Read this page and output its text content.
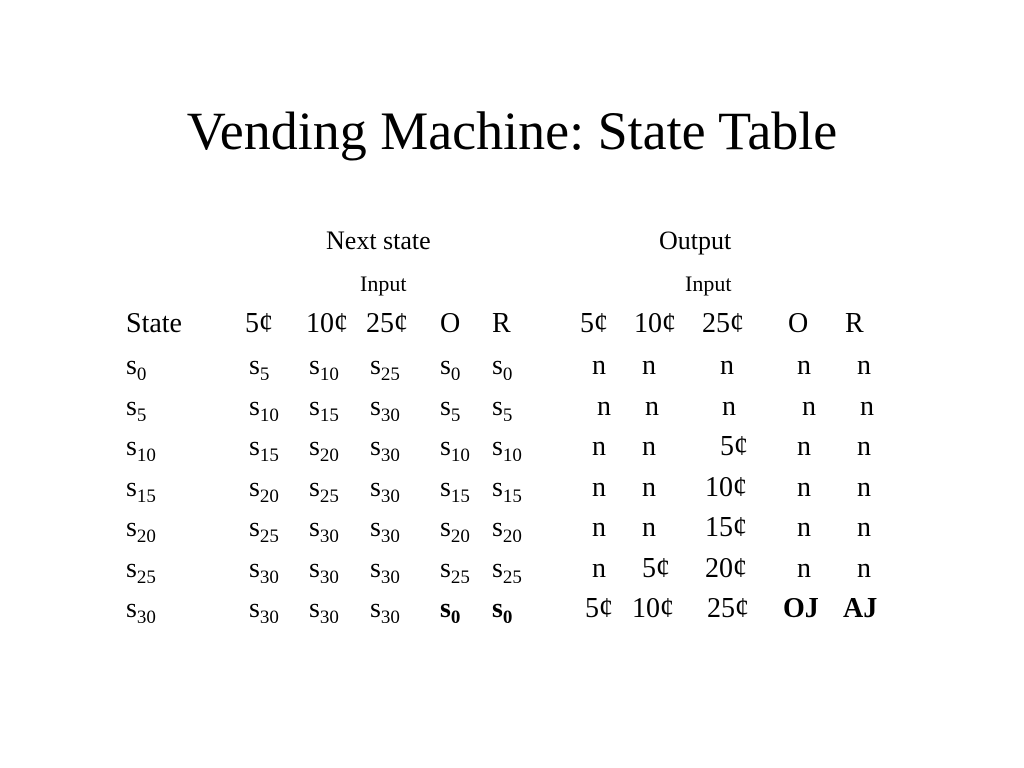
Vending Machine: State Table
Next state	Output
Input	Input
State 5¢ 10¢ 25¢ O R 5¢ 10¢ 25¢ O R
$s_0$	$s_5$ $s_{10}$ $s_{25}$ $s_0$ $s_0$	n n n n n
$s_5$	$s_{10}$ $s_{15}$ $s_{30}$ $s_5$ $s_5$	n n n n n
$s_{10}$	$s_{15}$ $s_{20}$ $s_{30}$ $s_{10}$ $s_{10}$	n n 5¢ n n
$s_{15}$	$s_{20}$ $s_{25}$ $s_{30}$ $s_{15}$ $s_{15}$	n n 10¢ n n
$s_{20}$	$s_{25}$ $s_{30}$ $s_{30}$ $s_{20}$ $s_{20}$	n n 15¢ n n
$s_{25}$	$s_{30}$ $s_{30}$ $s_{30}$ $s_{25}$ $s_{25}$	n 5¢ 20¢ n n
$s_{30}$	$s_{30}$ $s_{30}$ $s_{30}$ $s_0$ $s_0$	5¢ 10¢ 25¢ OJ AJ
